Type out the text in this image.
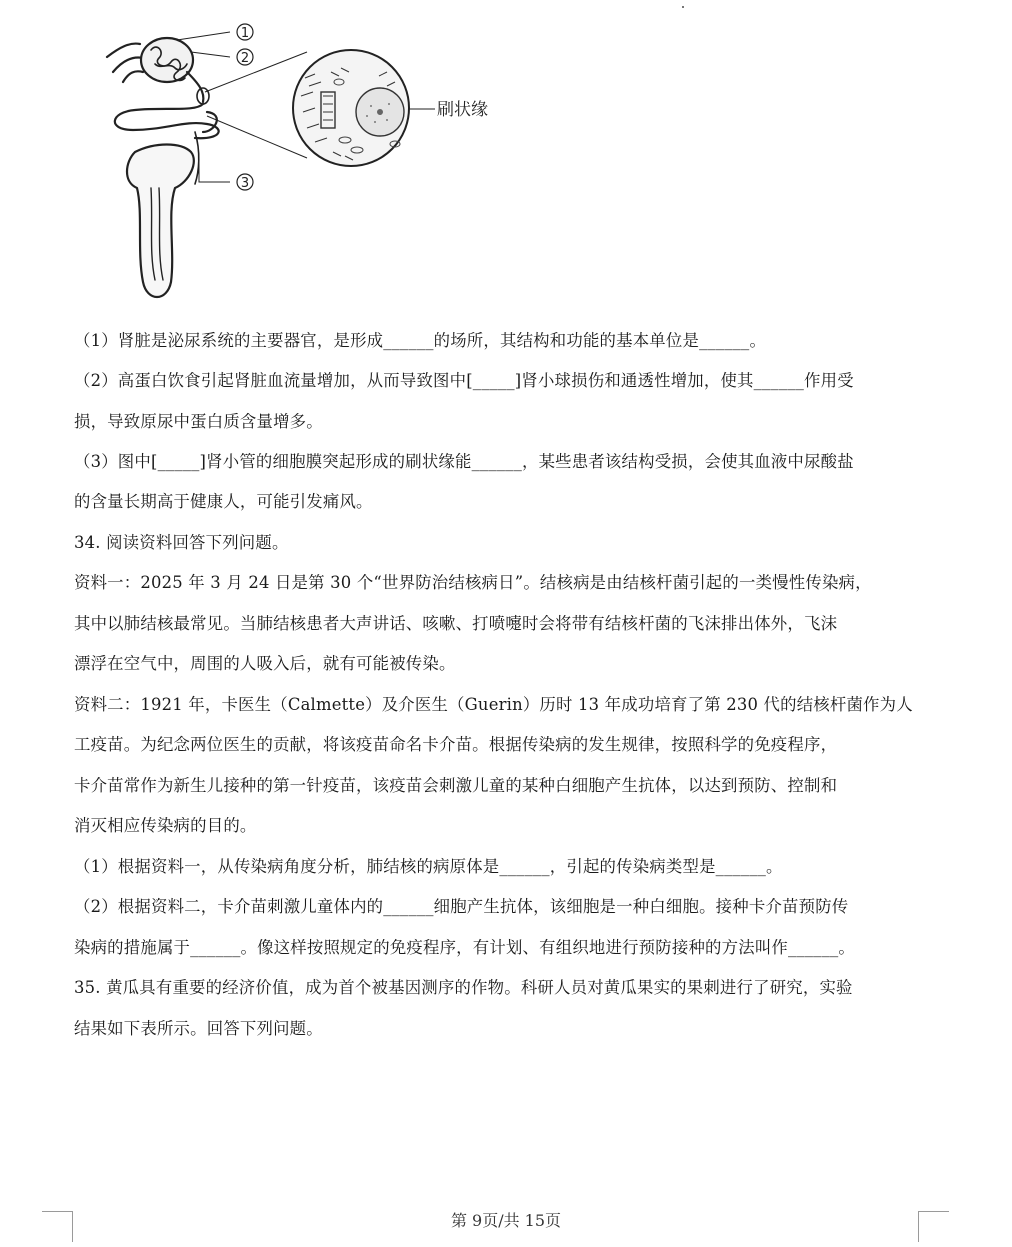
1
2
3
刷状缘
（1）肾脏是泌尿系统的主要器官，是形成______的场所，其结构和功能的基本单位是______。
（2）高蛋白饮食引起肾脏血流量增加，从而导致图中[_____]肾小球损伤和通透性增加，使其______作用受
损，导致原尿中蛋白质含量增多。
（3）图中[_____]肾小管的细胞膜突起形成的刷状缘能______，某些患者该结构受损，会使其血液中尿酸盐
的含量长期高于健康人，可能引发痛风。
34. 阅读资料回答下列问题。
资料一：2025 年 3 月 24 日是第 30 个“世界防治结核病日”。结核病是由结核杆菌引起的一类慢性传染病，
其中以肺结核最常见。当肺结核患者大声讲话、咳嗽、打喷嚏时会将带有结核杆菌的飞沫排出体外，飞沫
漂浮在空气中，周围的人吸入后，就有可能被传染。
资料二：1921 年，卡医生（Calmette）及介医生（Guerin）历时 13 年成功培育了第 230 代的结核杆菌作为人
工疫苗。为纪念两位医生的贡献，将该疫苗命名卡介苗。根据传染病的发生规律，按照科学的免疫程序，
卡介苗常作为新生儿接种的第一针疫苗，该疫苗会刺激儿童的某种白细胞产生抗体，以达到预防、控制和
消灭相应传染病的目的。
（1）根据资料一，从传染病角度分析，肺结核的病原体是______，引起的传染病类型是______。
（2）根据资料二，卡介苗刺激儿童体内的______细胞产生抗体，该细胞是一种白细胞。接种卡介苗预防传
染病的措施属于______。像这样按照规定的免疫程序，有计划、有组织地进行预防接种的方法叫作______。
35. 黄瓜具有重要的经济价值，成为首个被基因测序的作物。科研人员对黄瓜果实的果刺进行了研究，实验
结果如下表所示。回答下列问题。
第 9页/共 15页
